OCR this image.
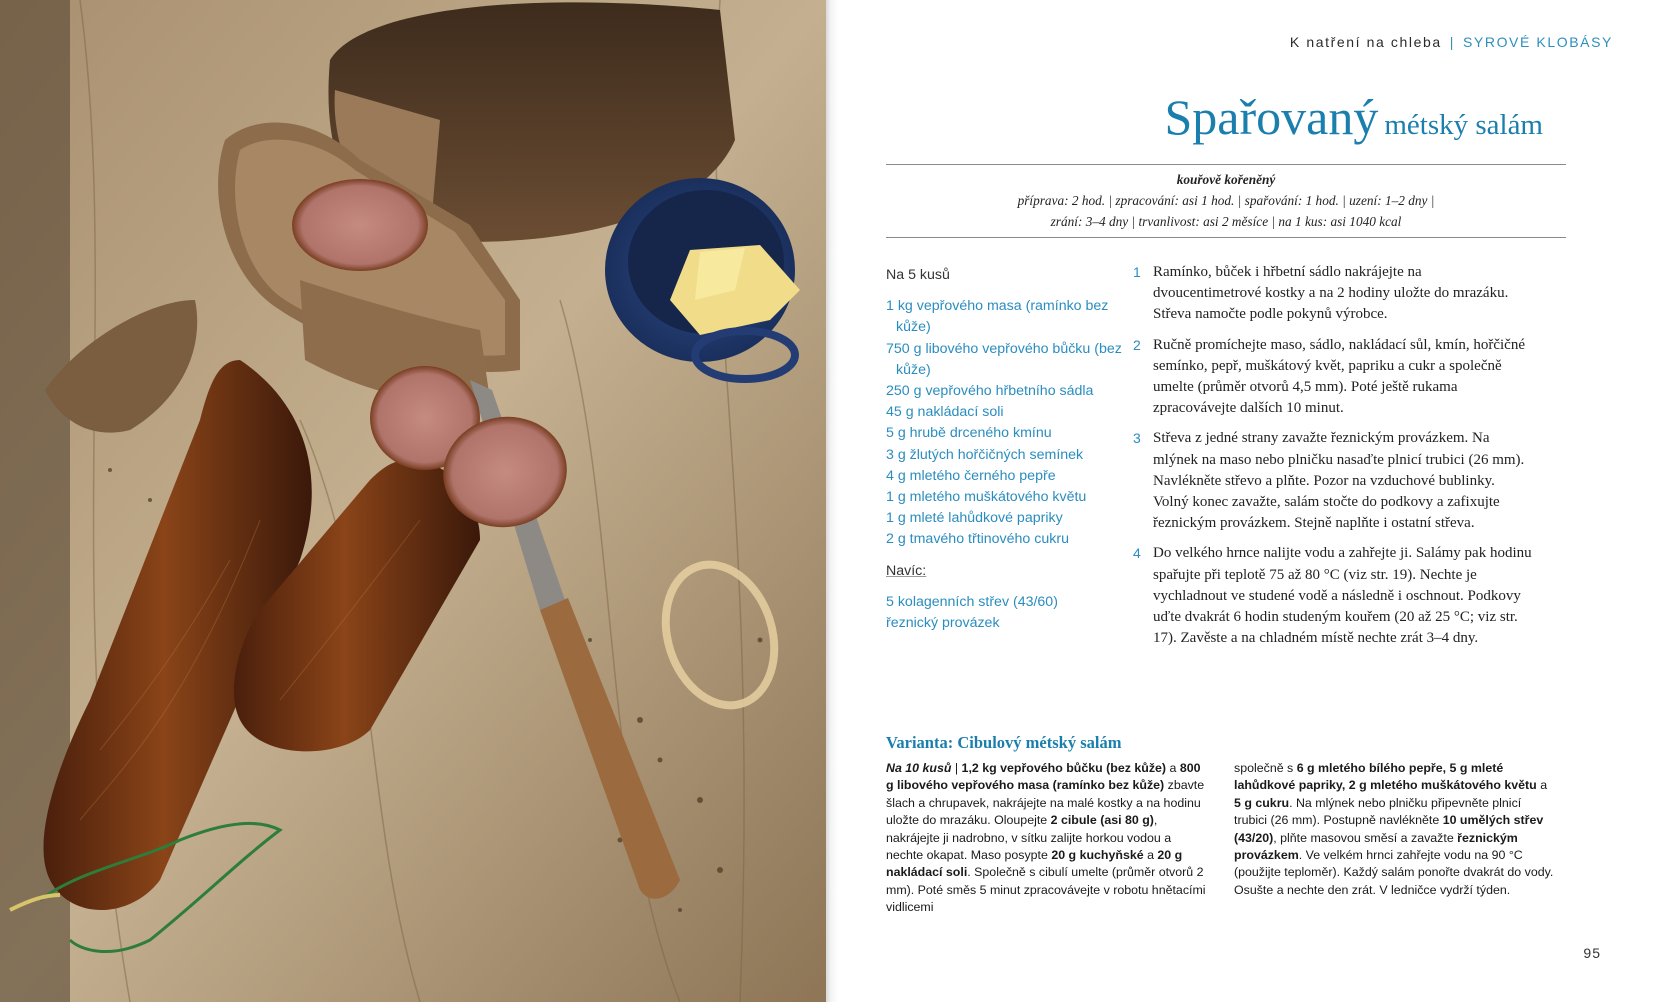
K natření na chleba | SYROVÉ KLOBÁSY
Spařovaný métský salám
kouřově kořeněný
příprava: 2 hod. | zpracování: asi 1 hod. | spařování: 1 hod. | uzení: 1–2 dny |
zrání: 3–4 dny | trvanlivost: asi 2 měsíce | na 1 kus: asi 1040 kcal
Na 5 kusů
1 kg vepřového masa (ramínko bez kůže)
750 g libového vepřového bůčku (bez kůže)
250 g vepřového hřbetního sádla
45 g nakládací soli
5 g hrubě drceného kmínu
3 g žlutých hořčičných semínek
4 g mletého černého pepře
1 g mletého muškátového květu
1 g mleté lahůdkové papriky
2 g tmavého třtinového cukru
Navíc:
5 kolagenních střev (43/60)
řeznický provázek
1 Ramínko, bůček i hřbetní sádlo nakrájejte na dvoucentimetrové kostky a na 2 hodiny uložte do mrazáku. Střeva namočte podle pokynů výrobce.
2 Ručně promíchejte maso, sádlo, nakládací sůl, kmín, hořčičné semínko, pepř, muškátový květ, papriku a cukr a společně umelte (průměr otvorů 4,5 mm). Poté ještě rukama zpracovávejte dalších 10 minut.
3 Střeva z jedné strany zavažte řeznickým provázkem. Na mlýnek na maso nebo plničku nasaďte plnicí trubici (26 mm). Navlékněte střevo a plňte. Pozor na vzduchové bublinky. Volný konec zavažte, salám stočte do podkovy a zafixujte řeznickým provázkem. Stejně naplňte i ostatní střeva.
4 Do velkého hrnce nalijte vodu a zahřejte ji. Salámy pak hodinu spařujte při teplotě 75 až 80 °C (viz str. 19). Nechte je vychladnout ve studené vodě a následně i oschnout. Podkovy uďte dvakrát 6 hodin studeným kouřem (20 až 25 °C; viz str. 17). Zavěste a na chladném místě nechte zrát 3–4 dny.
Varianta: Cibulový métský salám
Na 10 kusů | 1,2 kg vepřového bůčku (bez kůže) a 800 g libového vepřového masa (ramínko bez kůže) zbavte šlach a chrupavek, nakrájejte na malé kostky a na hodinu uložte do mrazáku. Oloupejte 2 cibule (asi 80 g), nakrájejte ji nadrobno, v sítku zalijte horkou vodou a nechte okapat. Maso posypte 20 g kuchyňské a 20 g nakládací soli. Společně s cibulí umelte (průměr otvorů 2 mm). Poté směs 5 minut zpracovávejte v robotu hnětacími vidlicemi
společně s 6 g mletého bílého pepře, 5 g mleté lahůdkové papriky, 2 g mletého muškátového květu a 5 g cukru. Na mlýnek nebo plničku připevněte plnicí trubici (26 mm). Postupně navlékněte 10 umělých střev (43/20), plňte masovou směsí a zavažte řeznickým provázkem. Ve velkém hrnci zahřejte vodu na 90 °C (použijte teploměr). Každý salám ponořte dvakrát do vody. Osušte a nechte den zrát. V ledničce vydrží týden.
95
